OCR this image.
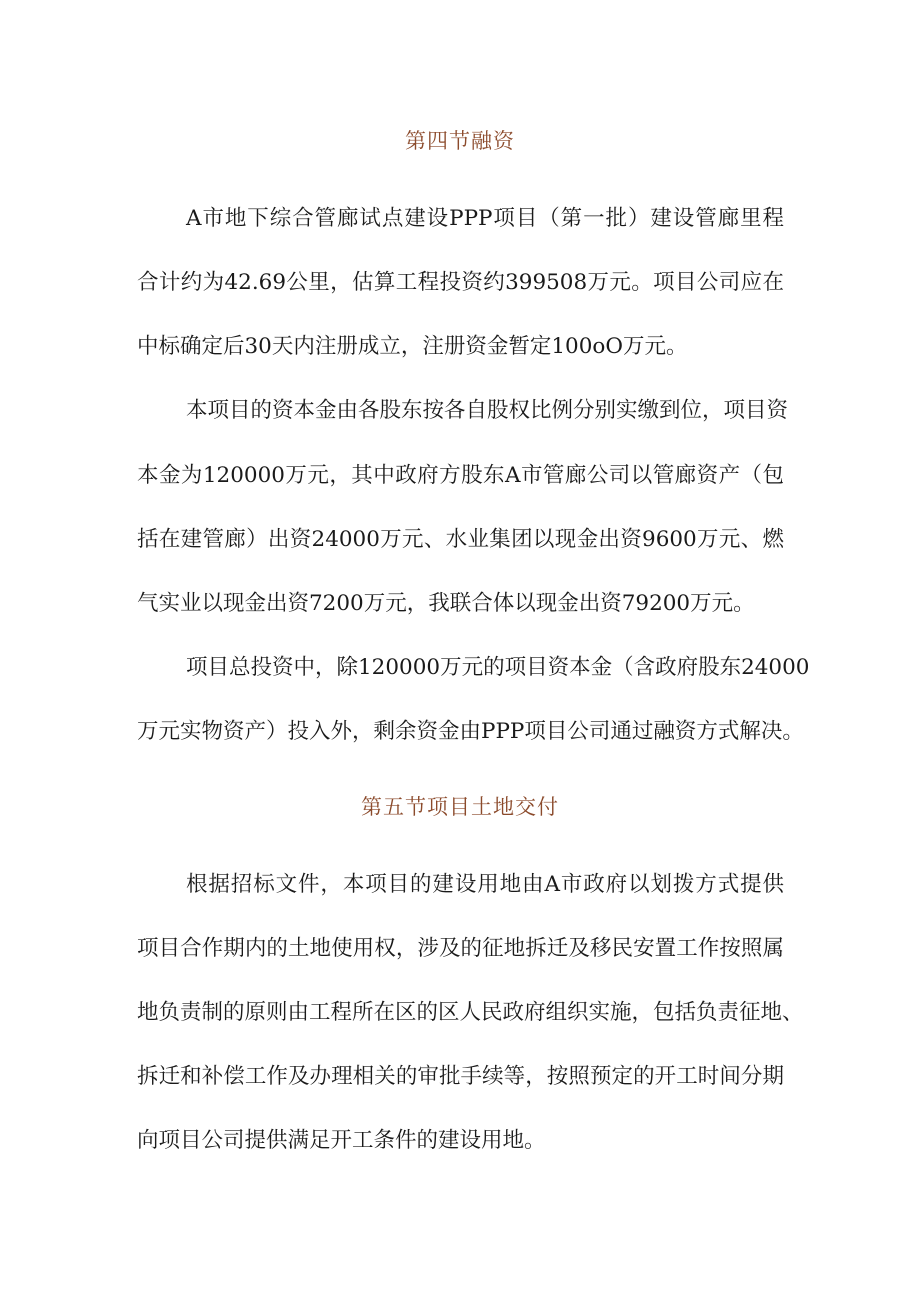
第四节融资
A市地下综合管廊试点建设PPP项目（第一批）建设管廊里程
合计约为42.69公里，估算工程投资约399508万元。项目公司应在
中标确定后30天内注册成立，注册资金暂定100oO万元。
本项目的资本金由各股东按各自股权比例分别实缴到位，项目资
本金为120000万元，其中政府方股东A市管廊公司以管廊资产（包
括在建管廊）出资24000万元、水业集团以现金出资9600万元、燃
气实业以现金出资7200万元，我联合体以现金出资79200万元。
项目总投资中，除120000万元的项目资本金（含政府股东24000
万元实物资产）投入外，剩余资金由PPP项目公司通过融资方式解决。
第五节项目土地交付
根据招标文件，本项目的建设用地由A市政府以划拨方式提供
项目合作期内的土地使用权，涉及的征地拆迁及移民安置工作按照属
地负责制的原则由工程所在区的区人民政府组织实施，包括负责征地、
拆迁和补偿工作及办理相关的审批手续等，按照预定的开工时间分期
向项目公司提供满足开工条件的建设用地。
